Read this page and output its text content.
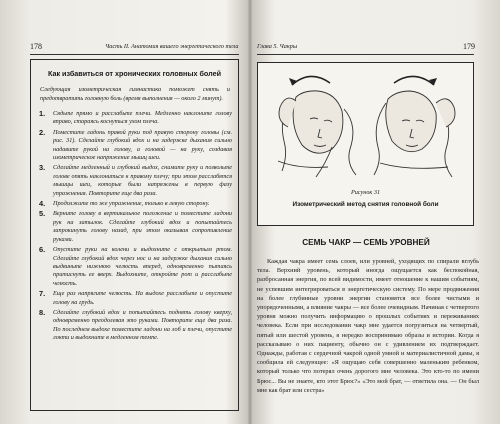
178	Часть II. Анатомия вашего энергетического тела
Как избавиться от хронических головных болей
Следующая изометрическая гимнастика поможет снять и предотвратить головную боль (время выполнения — около 2 минут).
1. Сядьте прямо и расслабьте плечи. Медленно наклоните голову вправо, стараясь коснуться ухом плеча.
2. Поместите ладонь правой руки под правую сторону головы (см. рис. 31). Сделайте глубокий вдох и на задержке дыхания сильно надавите рукой на голову, а головой — на руку, создавая изометрическое напряжение мышц шеи.
3. Сделайте медленный и глубокий выдох, снимите руку и позвольте голове опять наклониться к правому плечу; при этом расслабятся мышцы шеи, которые были напряжены в первую фазу упражнения. Повторите еще два раза.
4. Продолжите то же упражнение, только в левую сторону.
5. Верните голову в вертикальное положение и поместите ладони рук на затылок. Сделайте глубокий вдох и попытайтесь запрокинуть голову назад, при этом оказывая сопротивление руками.
6. Опустите руки на колени и выдохните с открытым ртом. Сделайте глубокий вдох через нос и на задержке дыхания сильно выдвиньте нижнюю челюсть вперед, одновременно пытаясь притиснуть ее вверх. Выдохните, откройте рот и расслабьте челюсть.
7. Еще раз напрягите челюсть. На выдохе расслабьте и опустите голову на грудь.
8. Сделайте глубокий вдох и попытайтесь поднять голову кверху, одновременно преодолевая это руками. Повторите еще два раза. По последнем выдохе поместите ладони на лоб и плечи, опустите локти и выдохните в медленном темпе.
Глава 5. Чакры	179
Рисунок 31
Изометрический метод снятия головной боли
СЕМЬ ЧАКР — СЕМЬ УРОВНЕЙ

Каждая чакра имеет семь слоев, или уровней, уходящих по спирали вглубь тела. Верхний уровень, который иногда ощущается как беспокойная, разбросанная энергия, по всей видимости, имеет отношение к нашим событиям, не успевшим интегрироваться в энергетическую систему. По мере продвижения на более глубинные уровни энергии становятся все более чистыми и упорядоченными, а влияние чакры — все более очевидным. Начиная с четвертого уровня можно получить информацию о прошлых событиях и переживаниях человека. Если при исследовании чакр мне удается погрузиться на четвертый, пятый или шестой уровень, я нередко воспринимаю образы и истории. Когда я рассказываю о них пациенту, обычно он с удивлением их подтверждает. Однажды, работая с сердечной чакрой одной умной и материалистичной дамы, я сообщила ей следующее: «Я ощущаю себя совершенно маленьким ребенком, который только что потерял очень дорогого мне человека. Это кто-то по имени Брюс... Вы не знаете, кто этот Брюс?» «Это мой брат, — ответила она. — Он был мне как брат или сестра»
